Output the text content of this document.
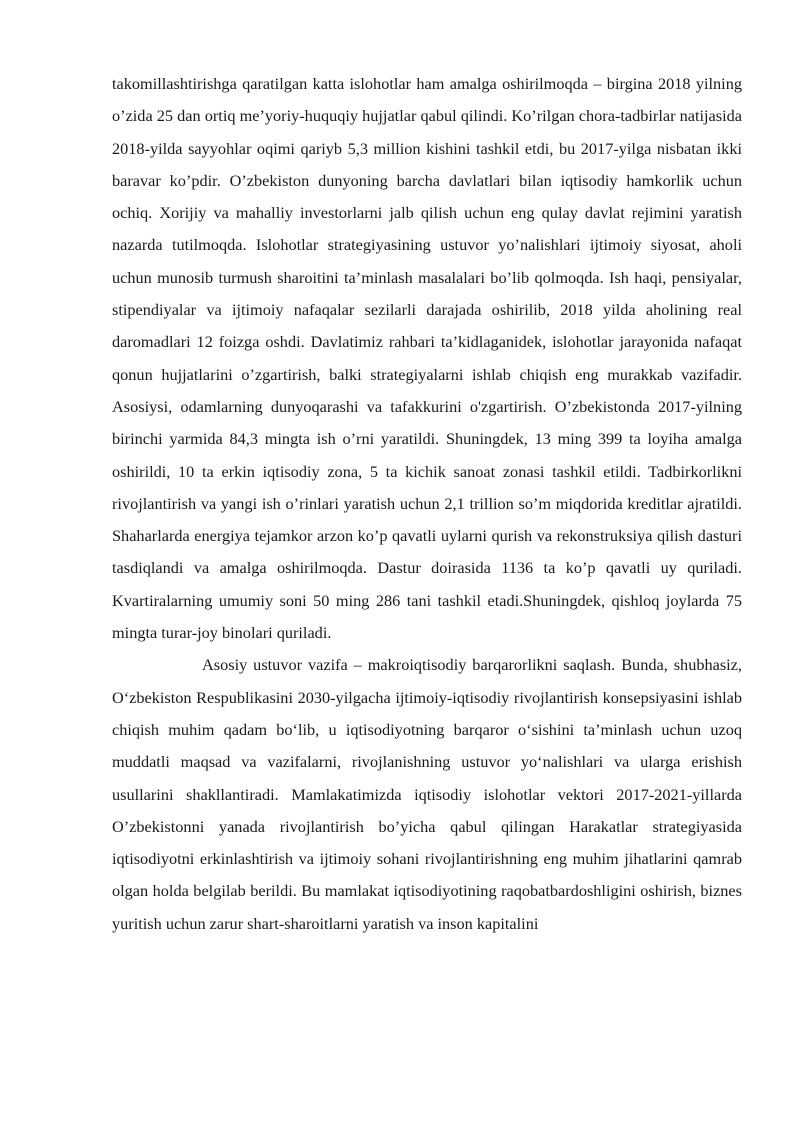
takomillashtirishga qaratilgan katta islohotlar ham amalga oshirilmoqda – birgina 2018 yilning o’zida 25 dan ortiq me’yoriy-huquqiy hujjatlar qabul qilindi. Ko’rilgan chora-tadbirlar natijasida 2018-yilda sayyohlar oqimi qariyb 5,3 million kishini tashkil etdi, bu 2017-yilga nisbatan ikki baravar ko’pdir. O’zbekiston dunyoning barcha davlatlari bilan iqtisodiy hamkorlik uchun ochiq. Xorijiy va mahalliy investorlarni jalb qilish uchun eng qulay davlat rejimini yaratish nazarda tutilmoqda. Islohotlar strategiyasining ustuvor yo’nalishlari ijtimoiy siyosat, aholi uchun munosib turmush sharoitini ta’minlash masalalari bo’lib qolmoqda. Ish haqi, pensiyalar, stipendiyalar va ijtimoiy nafaqalar sezilarli darajada oshirilib, 2018 yilda aholining real daromadlari 12 foizga oshdi. Davlatimiz rahbari ta’kidlaganidek, islohotlar jarayonida nafaqat qonun hujjatlarini o’zgartirish, balki strategiyalarni ishlab chiqish eng murakkab vazifadir. Asosiysi, odamlarning dunyoqarashi va tafakkurini o'zgartirish. O’zbekistonda 2017-yilning birinchi yarmida 84,3 mingta ish o’rni yaratildi. Shuningdek, 13 ming 399 ta loyiha amalga oshirildi, 10 ta erkin iqtisodiy zona, 5 ta kichik sanoat zonasi tashkil etildi. Tadbirkorlikni rivojlantirish va yangi ish o’rinlari yaratish uchun 2,1 trillion so’m miqdorida kreditlar ajratildi. Shaharlarda energiya tejamkor arzon ko’p qavatli uylarni qurish va rekonstruksiya qilish dasturi tasdiqlandi va amalga oshirilmoqda. Dastur doirasida 1136 ta ko’p qavatli uy quriladi. Kvartiralarning umumiy soni 50 ming 286 tani tashkil etadi.Shuningdek, qishloq joylarda 75 mingta turar-joy binolari quriladi.

Asosiy ustuvor vazifa – makroiqtisodiy barqarorlikni saqlash. Bunda, shubhasiz, O‘zbekiston Respublikasini 2030-yilgacha ijtimoiy-iqtisodiy rivojlantirish konsepsiyasini ishlab chiqish muhim qadam bo‘lib, u iqtisodiyotning barqaror o‘sishini ta’minlash uchun uzoq muddatli maqsad va vazifalarni, rivojlanishning ustuvor yo‘nalishlari va ularga erishish usullarini shakllantiradi. Mamlakatimizda iqtisodiy islohotlar vektori 2017-2021-yillarda O’zbekistonni yanada rivojlantirish bo’yicha qabul qilingan Harakatlar strategiyasida iqtisodiyotni erkinlashtirish va ijtimoiy sohani rivojlantirishning eng muhim jihatlarini qamrab olgan holda belgilab berildi. Bu mamlakat iqtisodiyotining raqobatbardoshligini oshirish, biznes yuritish uchun zarur shart-sharoitlarni yaratish va inson kapitalini
